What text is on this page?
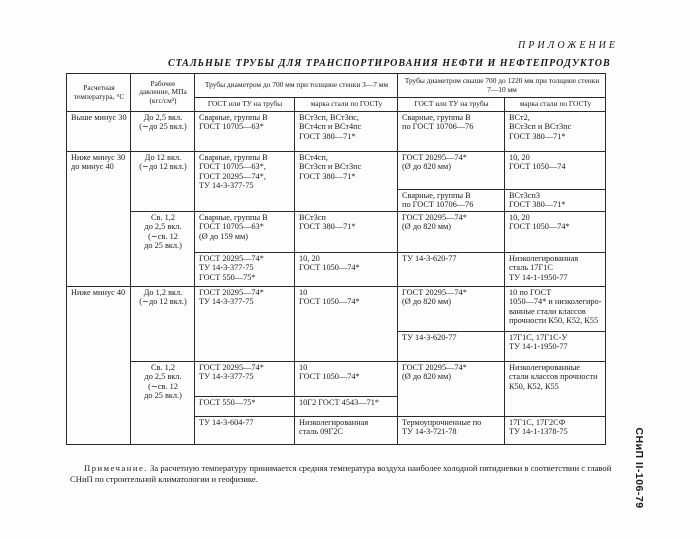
ПРИЛОЖЕНИЕ
СТАЛЬНЫЕ ТРУБЫ ДЛЯ ТРАНСПОРТИРОВАНИЯ НЕФТИ И НЕФТЕПРОДУКТОВ
Расчетная температура, °С	Рабочее давление, МПа (кгс/см²)	Трубы диаметром до 700 мм при толщине стенки 3—7 мм		Трубы диаметром свыше 700 до 1220 мм при толщине стенки 7—10 мм	
		ГОСТ или ТУ на трубы	марка стали по ГОСТу	ГОСТ или ТУ на трубы	марка стали по ГОСТу
Выше минус 30	До 2,5 вкл.
(∼до 25 вкл.)	Сварные, группы В
ГОСТ 10705—63*	ВСт3сп, ВСт3пс,
ВСт4сп и ВСт4пс
ГОСТ 380—71*	Сварные, группы В
по ГОСТ 10706—76	ВСт2,
ВСт3сп и ВСт3пс
ГОСТ 380—71*
Ниже минус 30
до минус 40	До 12 вкл.
(∼до 12 вкл.)	Сварные, группы В
ГОСТ 10705—63*,
ГОСТ 20295—74*,
ТУ 14-3-377-75	ВСт4сп,
ВСт3сп и ВСт3пс
ГОСТ 380—71*	ГОСТ 20295—74*
(Ø до 820 мм)	10, 20
ГОСТ 1050—74
				Сварные, группы В
по ГОСТ 10706—76	ВСт3сп3
ГОСТ 380—71*
	Св. 1,2
до 2,5 вкл.
(∼св. 12
до 25 вкл.)	Сварные, группы В
ГОСТ 10705—63*
(Ø до 159 мм)	ВСт3сп
ГОСТ 380—71*	ГОСТ 20295—74*
(Ø до 820 мм)	10, 20
ГОСТ 1050—74*
		ГОСТ 20295—74*
ТУ 14-3-377-75
ГОСТ 550—75*	10, 20
ГОСТ 1050—74*	ТУ 14-3-620-77	Низколегированная
сталь 17Г1С
ТУ 14-1-1950-77
Ниже минус 40	До 1,2 вкл.
(∼до 12 вкл.)	ГОСТ 20295—74*
ТУ 14-3-377-75	10
ГОСТ 1050—74*	ГОСТ 20295—74*
(Ø до 820 мм)	10 по ГОСТ
1050—74* и низколегиро-
ванные стали классов
прочности К50, К52, К55
				ТУ 14-3-620-77	17Г1С, 17Г1С-У
ТУ 14-1-1950-77
	Св. 1,2
до 2,5 вкл.
(∼св. 12
до 25 вкл.)	ГОСТ 20295—74*
ТУ 14-3-377-75	10
ГОСТ 1050—74*	ГОСТ 20295—74*
(Ø до 820 мм)	Низколегированные
стали классов прочности
К50, К52, К55
		ГОСТ 550—75*	10Г2 ГОСТ 4543—71*		
		ТУ 14-3-604-77	Низколегированная
сталь 09Г2С	Термоупрочненные по
ТУ 14-3-721-78	17Г1С, 17Г2СФ
ТУ 14-1-1378-75
Примечание. За расчетную температуру принимается средняя температура воздуха наиболее холодной пятидневки в соответствии с главой СНиП по строительной климатологии и геофизике.	СНиП II-106-79
